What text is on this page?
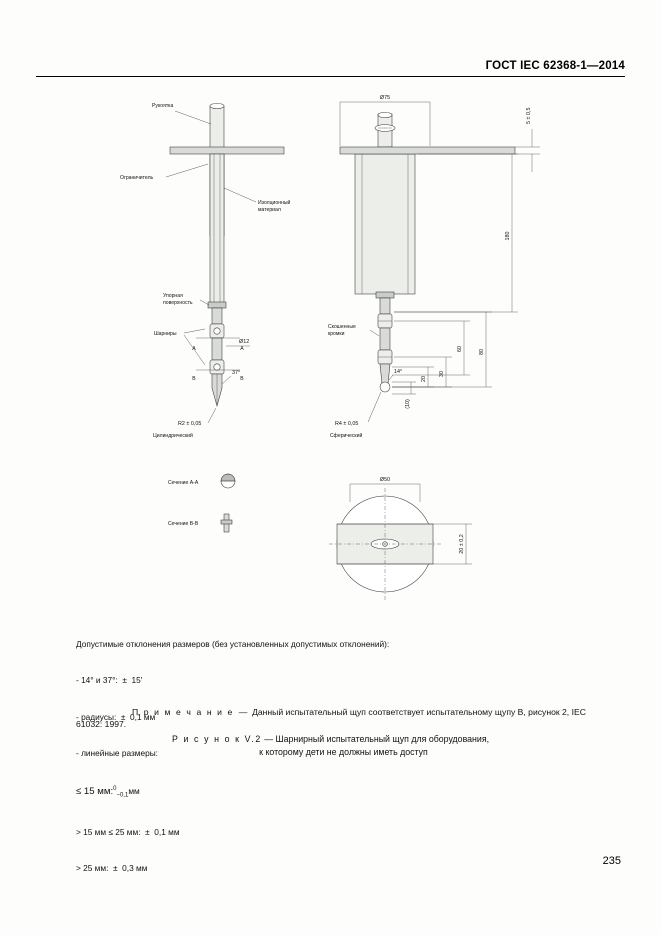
ГОСТ IEC 62368-1—2014
А	А
В	В
37°
Ø12
Рукоятка
Ограничитель
Изолционный
материал
Упорная
поверхность
Шарниры
R2 ± 0,05
Цилиндрический
Ø75
5 ± 0,5
180
80
60
30
20
(10)
14°
Скошенные
кромки
R4 ± 0,05
Сферический
Сечение А-А
Сечение В-В
Ø50
20 ± 0,2

Допустимые отклонения размеров (без установленных допустимых отклонений):

- 14° и 37°:  ±  15'

- радиусы:  ±  0,1 мм

- линейные размеры:

≤ 15 мм:$^0_{-0,1}$мм

> 15 мм ≤ 25 мм:  ±  0,1 мм

> 25 мм:  ±  0,3 мм

П р и м е ч а н и е — Данный испытательный щуп соответствует испытательному щупу В, рисунок 2, IEC 61032: 1997.
Р и с у н о к V.2 — Шарнирный испытательный щуп для оборудования,
к которому дети не должны иметь доступ
235
